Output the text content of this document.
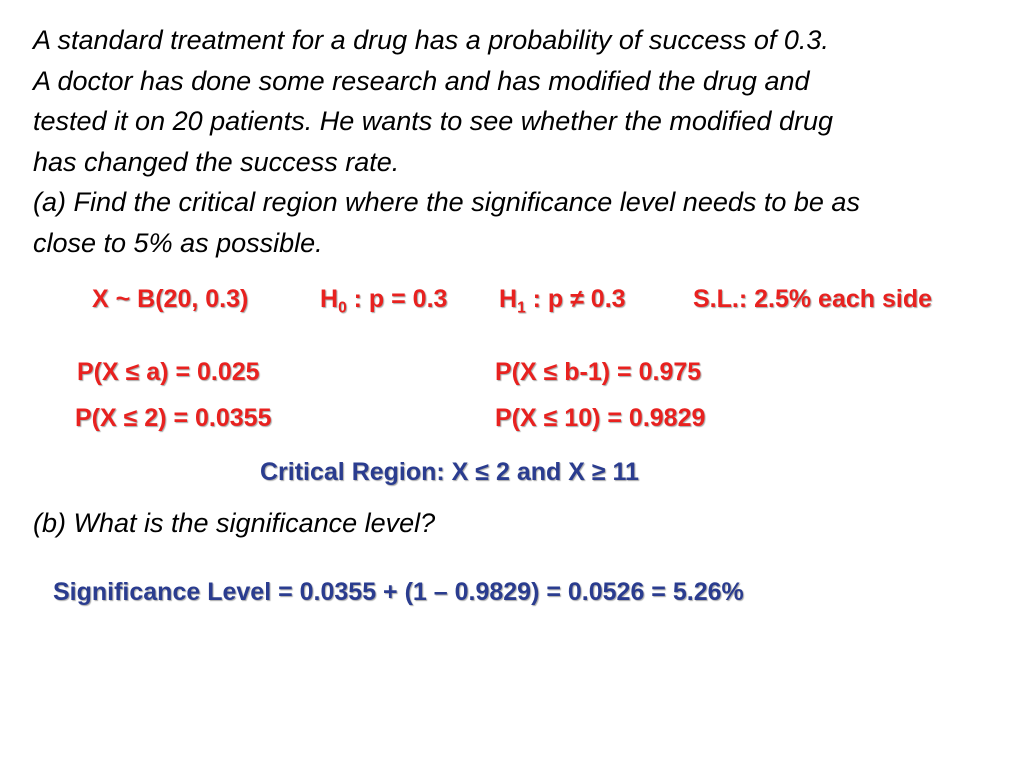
A standard treatment for a drug has a probability of success of 0.3.
A doctor has done some research and has modified the drug and
tested it on 20 patients. He wants to see whether the modified drug
has changed the success rate.
(a) Find the critical region where the significance level needs to be as
close to 5% as possible.
X ~ B(20, 0.3)	$H_0$ : p = 0.3 $H_1$ : p ≠ 0.3	S.L.: 2.5% each side
P(X ≤ a) = 0.025	P(X ≤ b-1) = 0.975
P(X ≤ 2) = 0.0355	P(X ≤ 10) = 0.9829
Critical Region: X ≤ 2 and X ≥ 11
(b) What is the significance level?
Significance Level = 0.0355 + (1 – 0.9829) = 0.0526 = 5.26%
